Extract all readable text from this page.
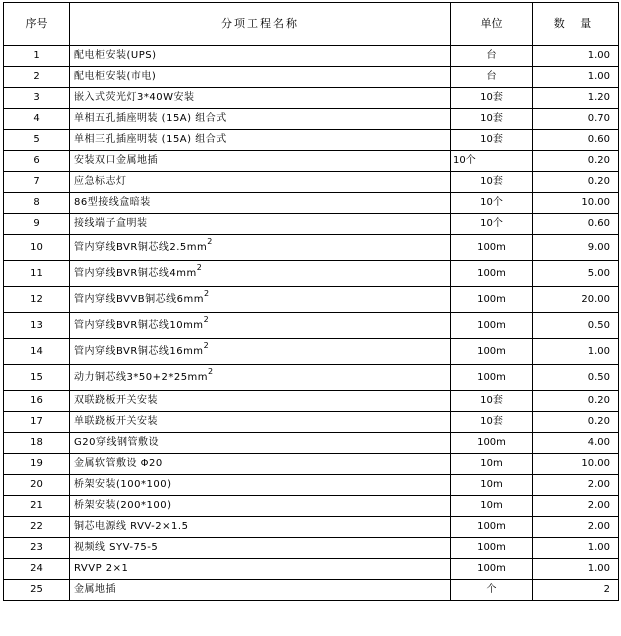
序号	分项工程名称	单位	数 量
1	配电柜安装(UPS)	台	1.00
2	配电柜安装(市电)	台	1.00
3	嵌入式荧光灯3*40W安装	10套	1.20
4	单相五孔插座明装 (15A) 组合式	10套	0.70
5	单相三孔插座明装 (15A) 组合式	10套	0.60
6	安装双口金属地插	10个	0.20
7	应急标志灯	10套	0.20
8	86型接线盒暗装	10个	10.00
9	接线端子盒明装	10个	0.60
10	管内穿线BVR铜芯线$2.5mm^2$	100m	9.00
11	管内穿线BVR铜芯线$4mm^2$	100m	5.00
12	管内穿线BVVB铜芯线$6mm^2$	100m	20.00
13	管内穿线BVR铜芯线$10mm^2$	100m	0.50
14	管内穿线BVR铜芯线$16mm^2$	100m	1.00
15	动力铜芯线$3*50+2*25mm^2$	100m	0.50
16	双联跷板开关安装	10套	0.20
17	单联跷板开关安装	10套	0.20
18	G20穿线钢管敷设	100m	4.00
19	金属软管敷设 Φ20	10m	10.00
20	桥架安装(100*100)	10m	2.00
21	桥架安装(200*100)	10m	2.00
22	铜芯电源线 RVV-2×1.5	100m	2.00
23	视频线 SYV-75-5	100m	1.00
24	RVVP 2×1	100m	1.00
25	金属地插	个	2
